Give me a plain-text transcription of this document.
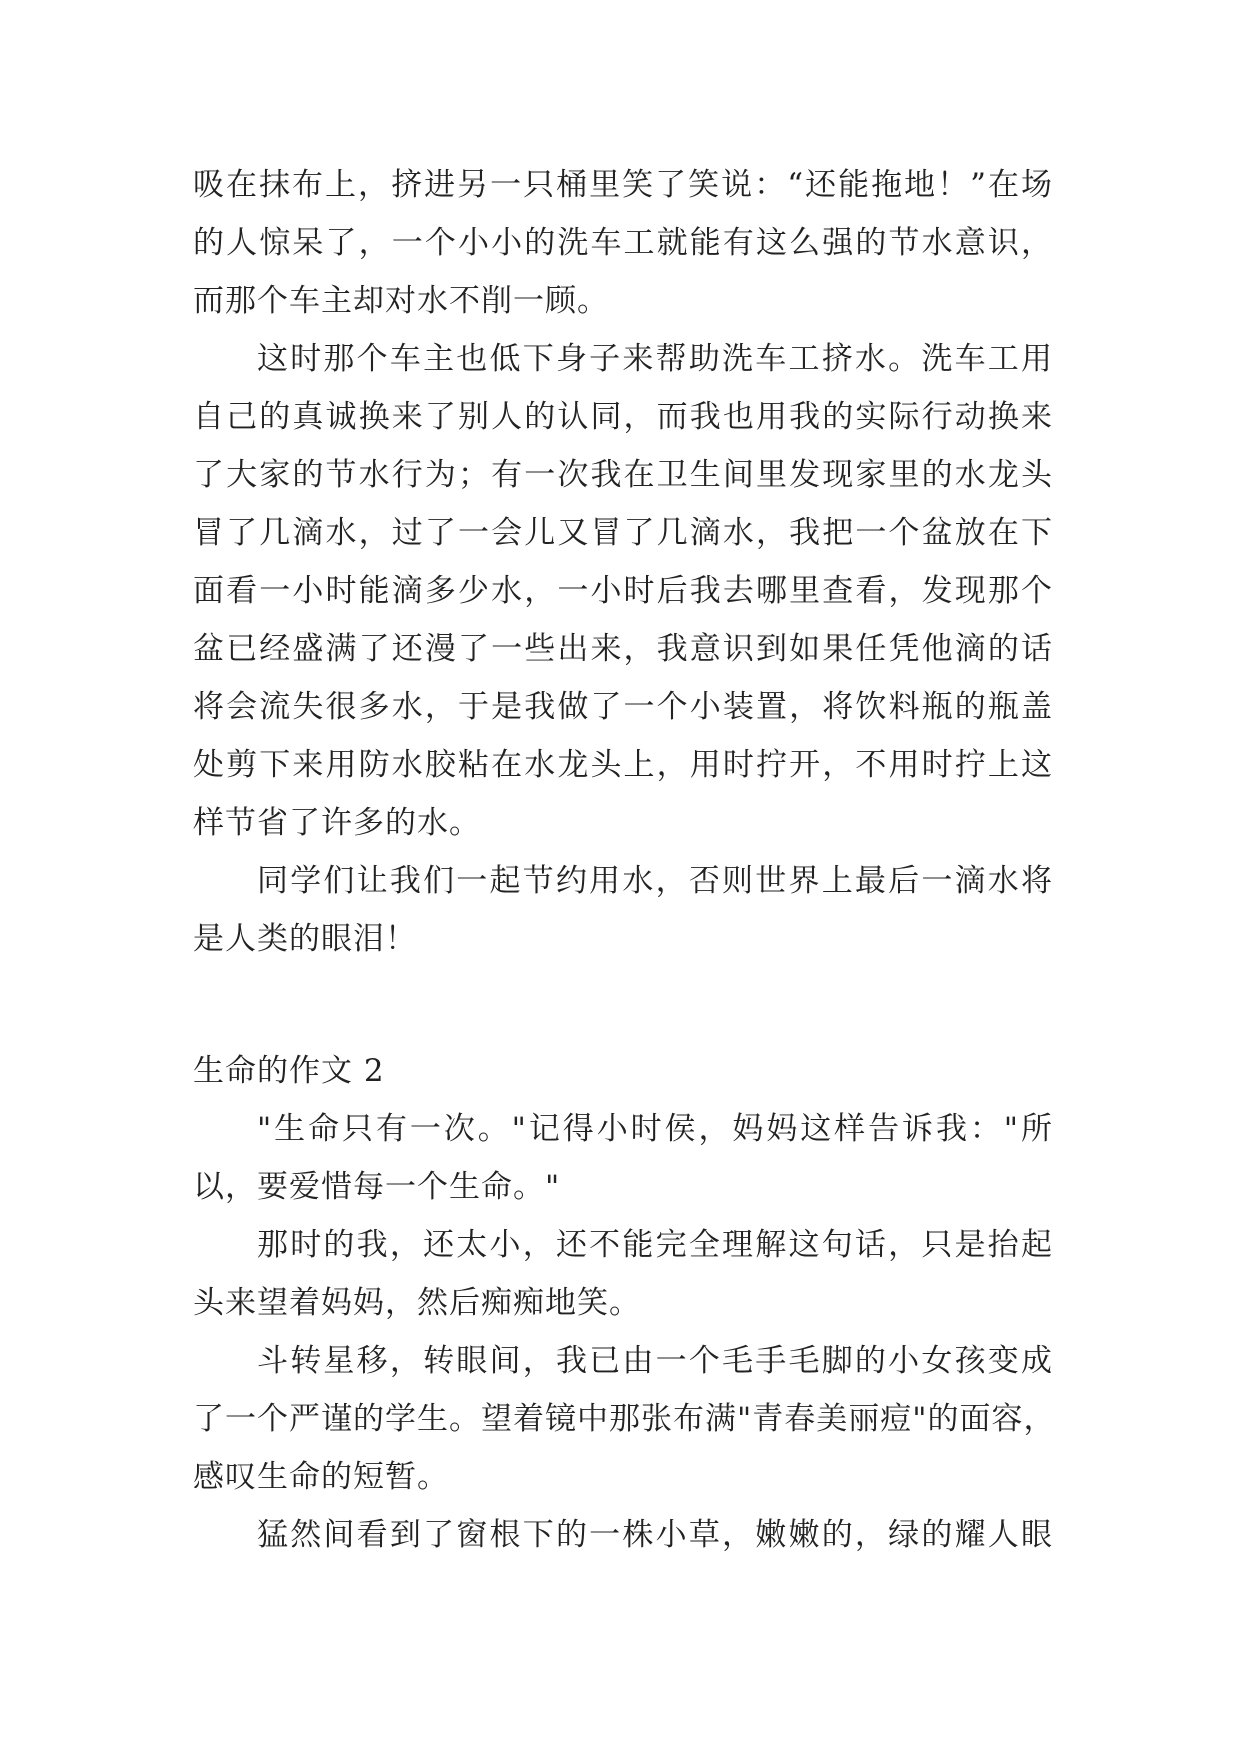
吸在抹布上，挤进另一只桶里笑了笑说：“还能拖地！”在场
的人惊呆了，一个小小的洗车工就能有这么强的节水意识，
而那个车主却对水不削一顾。
这时那个车主也低下身子来帮助洗车工挤水。洗车工用
自己的真诚换来了别人的认同，而我也用我的实际行动换来
了大家的节水行为；有一次我在卫生间里发现家里的水龙头
冒了几滴水，过了一会儿又冒了几滴水，我把一个盆放在下
面看一小时能滴多少水，一小时后我去哪里查看，发现那个
盆已经盛满了还漫了一些出来，我意识到如果任凭他滴的话
将会流失很多水，于是我做了一个小装置，将饮料瓶的瓶盖
处剪下来用防水胶粘在水龙头上，用时拧开，不用时拧上这
样节省了许多的水。
同学们让我们一起节约用水，否则世界上最后一滴水将
是人类的眼泪！
生命的作文 2
"生命只有一次。"记得小时侯，妈妈这样告诉我："所
以，要爱惜每一个生命。"
那时的我，还太小，还不能完全理解这句话，只是抬起
头来望着妈妈，然后痴痴地笑。
斗转星移，转眼间，我已由一个毛手毛脚的小女孩变成
了一个严谨的学生。望着镜中那张布满"青春美丽痘"的面容，
感叹生命的短暂。
猛然间看到了窗根下的一株小草，嫩嫩的，绿的耀人眼
